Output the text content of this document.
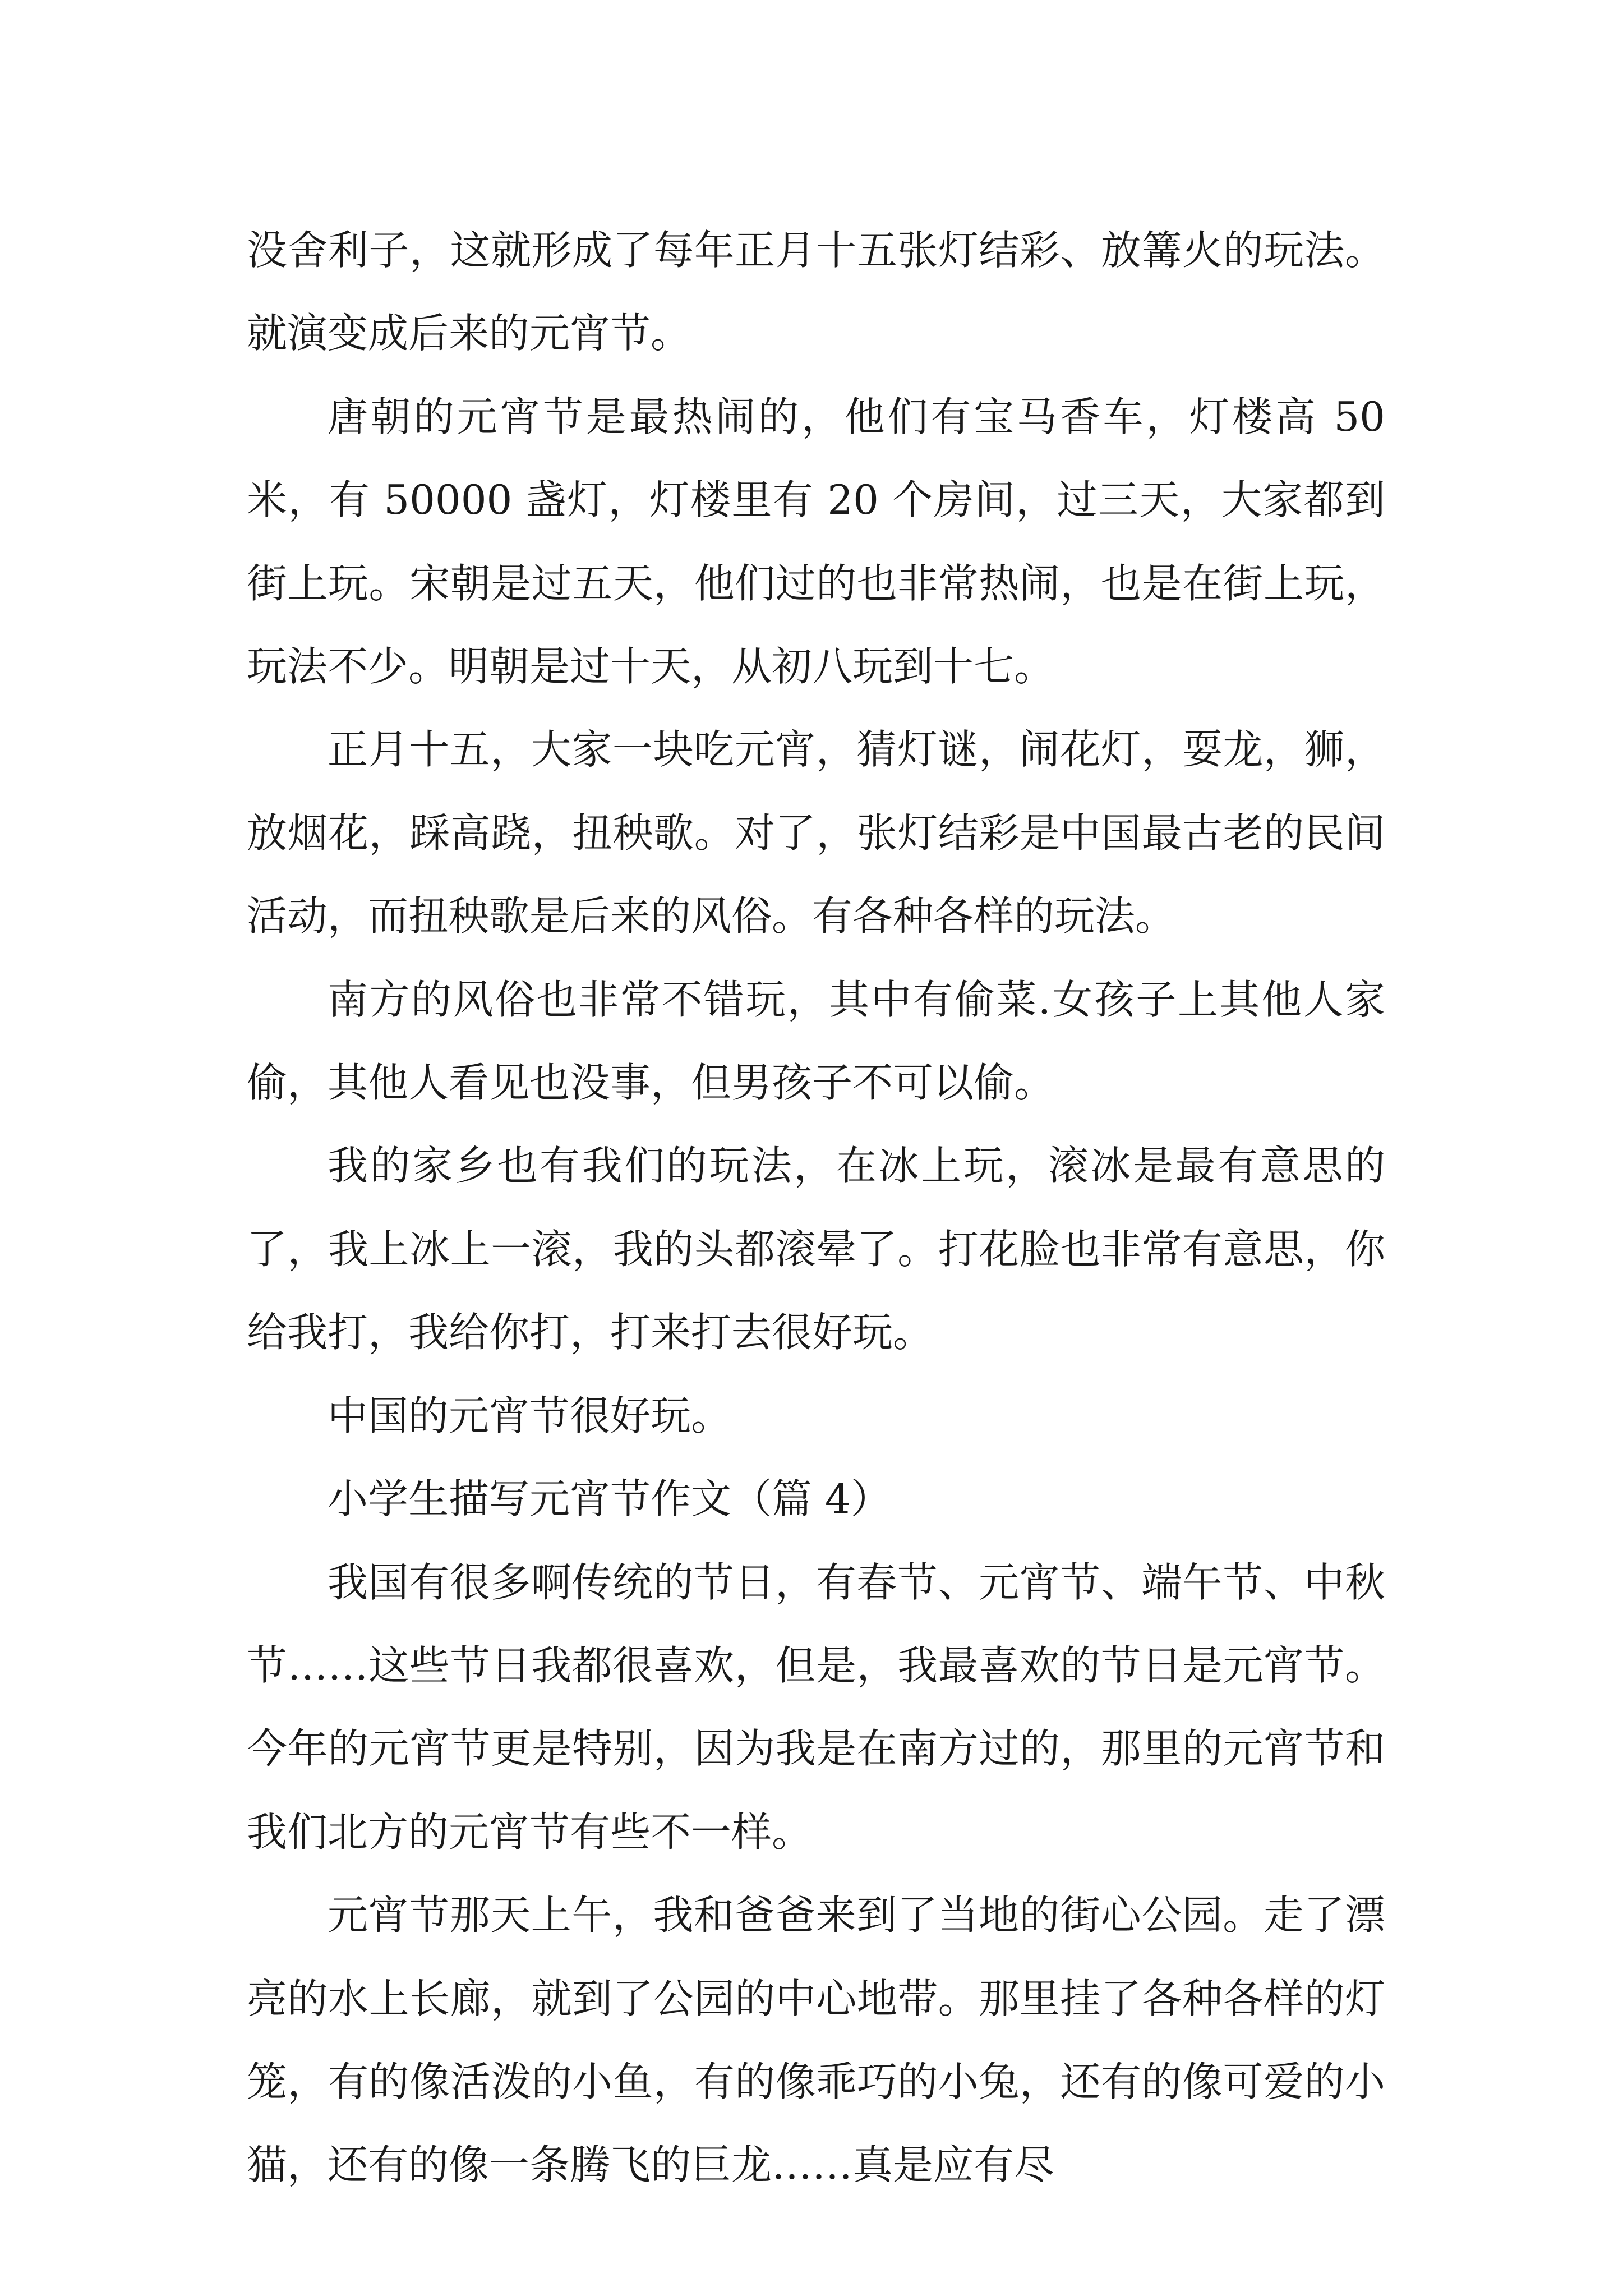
没舍利子，这就形成了每年正月十五张灯结彩、放篝火的玩法。就演变成后来的元宵节。

唐朝的元宵节是最热闹的，他们有宝马香车，灯楼高 50 米，有 50000 盏灯，灯楼里有 20 个房间，过三天，大家都到街上玩。宋朝是过五天，他们过的也非常热闹，也是在街上玩，玩法不少。明朝是过十天，从初八玩到十七。

正月十五，大家一块吃元宵，猜灯谜，闹花灯，耍龙，狮，放烟花，踩高跷，扭秧歌。对了，张灯结彩是中国最古老的民间活动，而扭秧歌是后来的风俗。有各种各样的玩法。

南方的风俗也非常不错玩，其中有偷菜.女孩子上其他人家偷，其他人看见也没事，但男孩子不可以偷。

我的家乡也有我们的玩法，在冰上玩，滚冰是最有意思的了，我上冰上一滚，我的头都滚晕了。打花脸也非常有意思，你给我打，我给你打，打来打去很好玩。

中国的元宵节很好玩。

小学生描写元宵节作文（篇 4）

我国有很多啊传统的节日，有春节、元宵节、端午节、中秋节……这些节日我都很喜欢，但是，我最喜欢的节日是元宵节。今年的元宵节更是特别，因为我是在南方过的，那里的元宵节和我们北方的元宵节有些不一样。

元宵节那天上午，我和爸爸来到了当地的街心公园。走了漂亮的水上长廊，就到了公园的中心地带。那里挂了各种各样的灯笼，有的像活泼的小鱼，有的像乖巧的小兔，还有的像可爱的小猫，还有的像一条腾飞的巨龙……真是应有尽
